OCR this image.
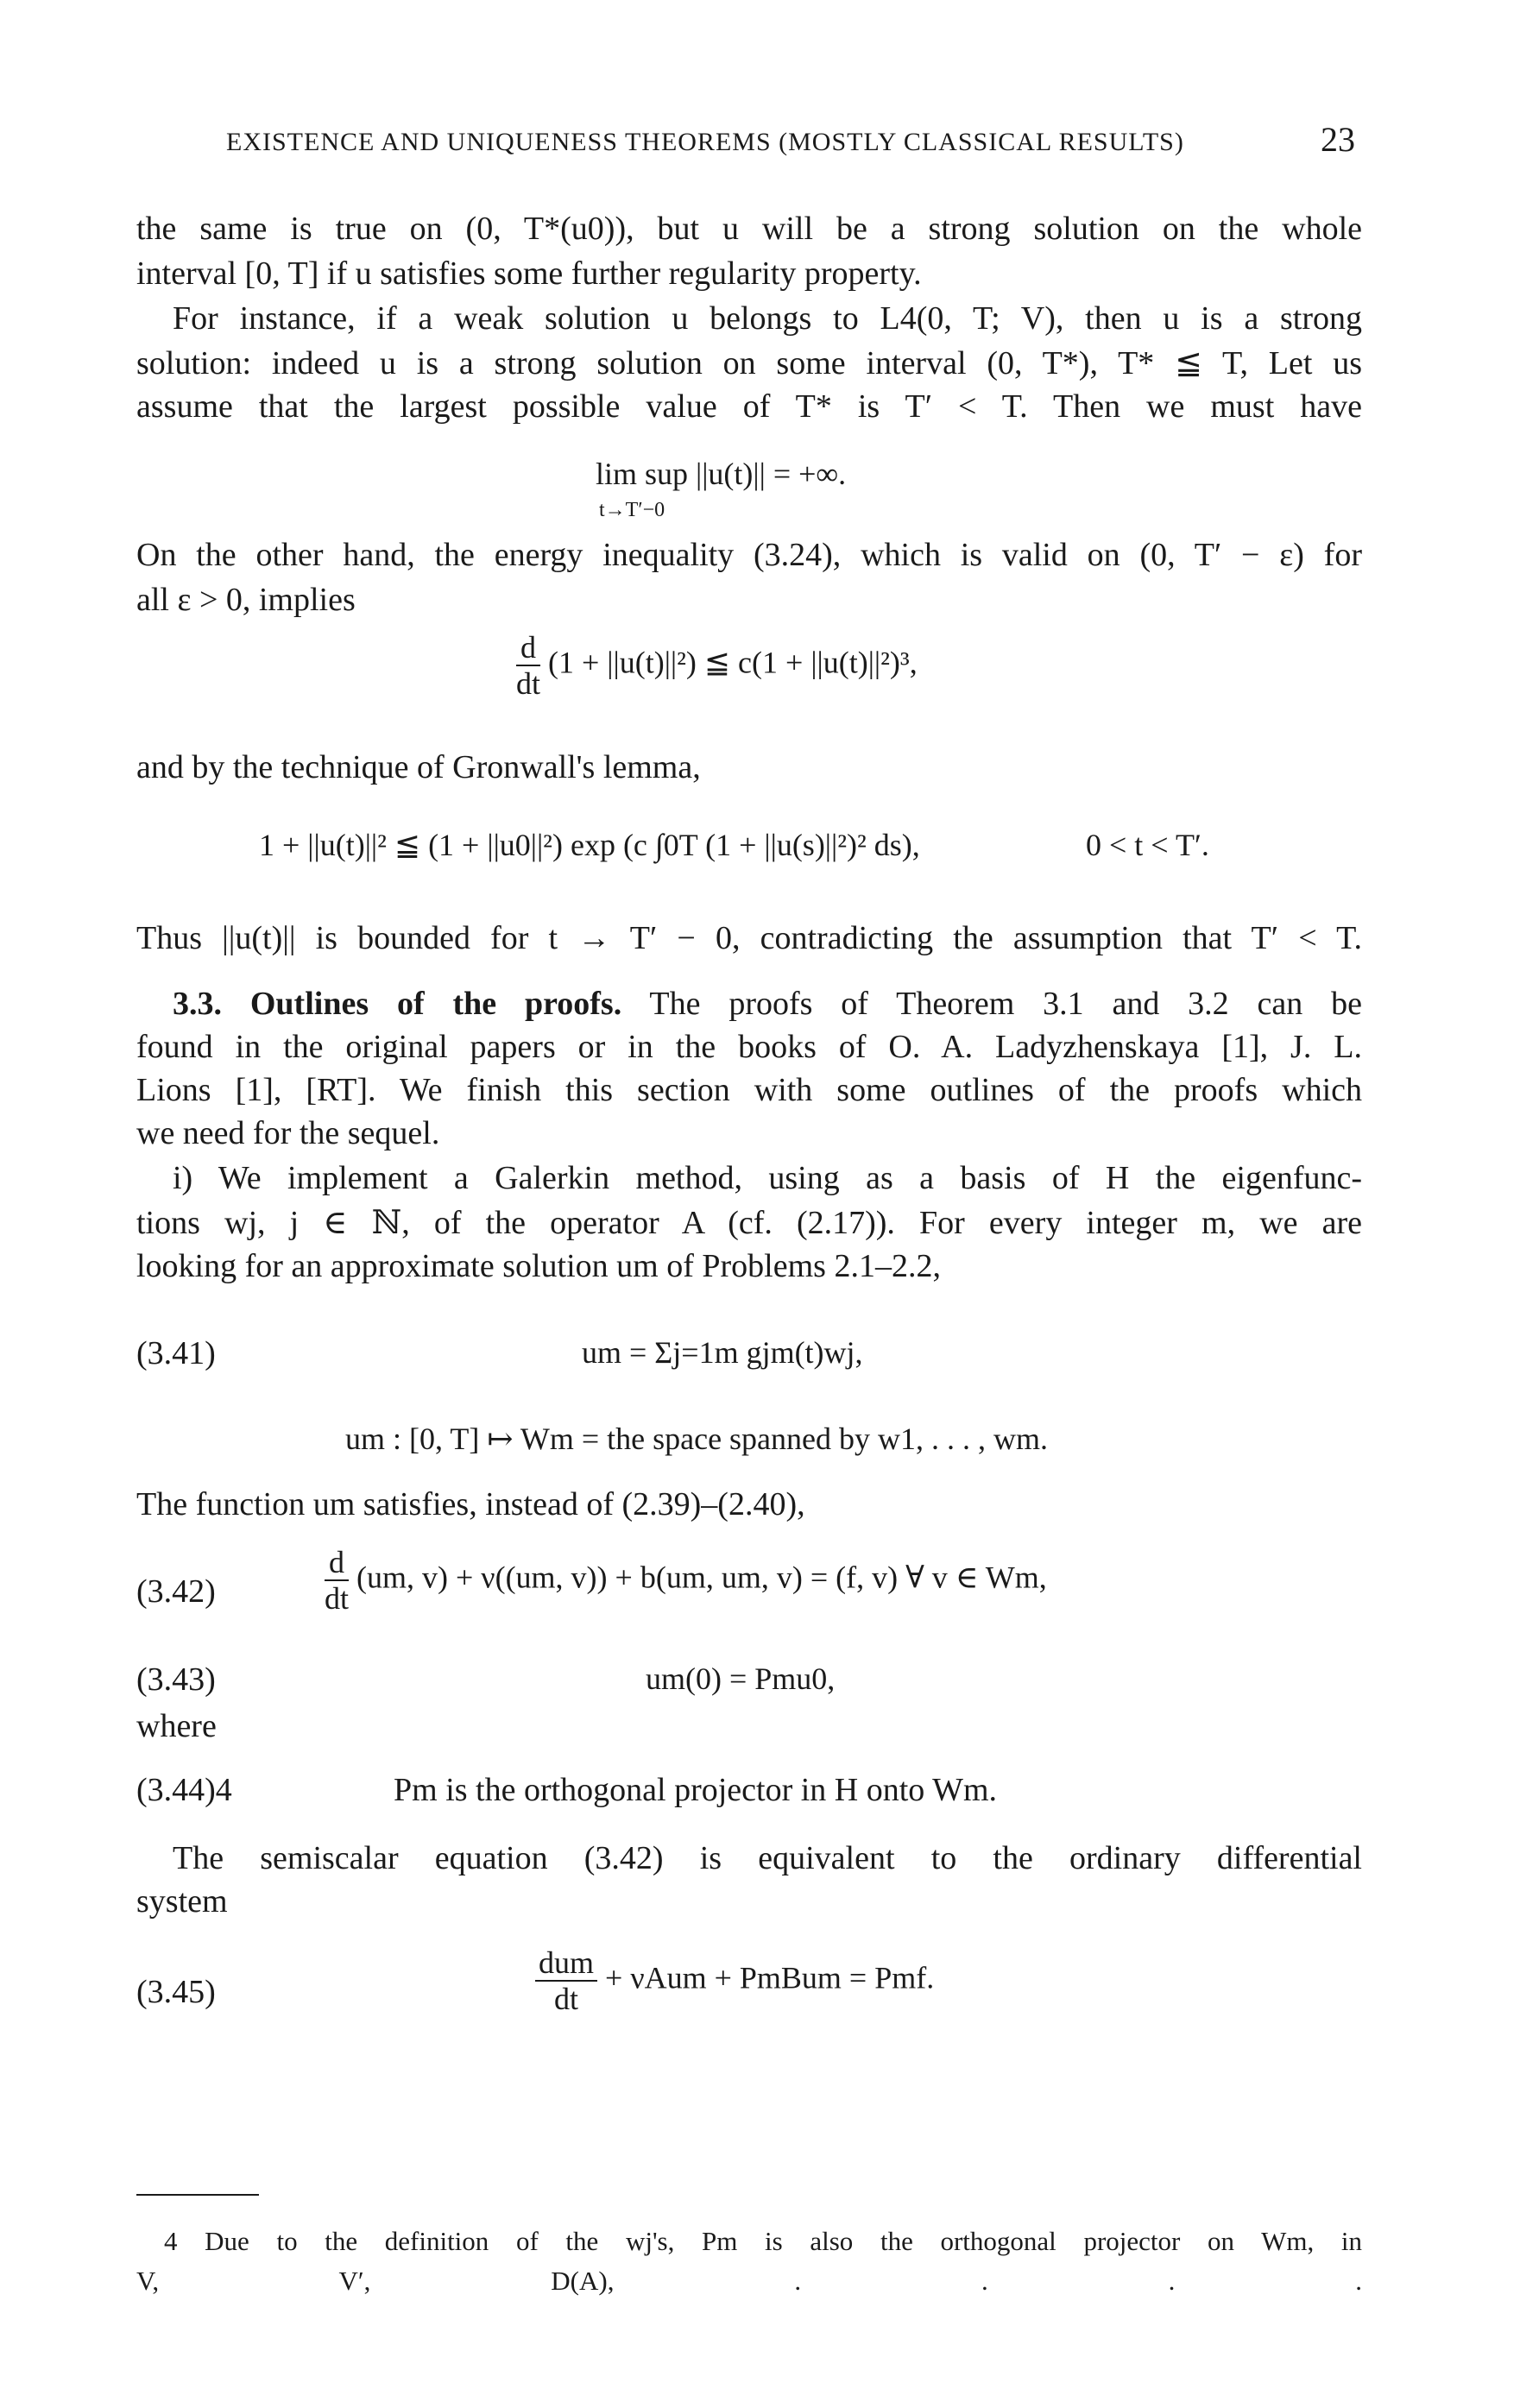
EXISTENCE AND UNIQUENESS THEOREMS (MOSTLY CLASSICAL RESULTS)	23
the same is true on (0, T*(u0)), but u will be a strong solution on the whole
interval [0, T] if u satisfies some further regularity property.
For instance, if a weak solution u belongs to L4(0, T; V), then u is a strong
solution: indeed u is a strong solution on some interval (0, T*), T* ≦ T, Let us
assume that the largest possible value of T* is T′ < T. Then we must have
lim sup ||u(t)|| = +∞.
t→T′−0
On the other hand, the energy inequality (3.24), which is valid on (0, T′ − ε) for
all ε > 0, implies
$\frac{d}{dt} (1 + ||u(t)||^2)$ ≦ c(1 + ||u(t)||²)³,
and by the technique of Gronwall's lemma,
1 + ||u(t)||² ≦ (1 + ||u0||²) exp (c ∫0T (1 + ||u(s)||²)² ds),	0 < t < T′.
Thus ||u(t)|| is bounded for t → T′ − 0, contradicting the assumption that T′ < T.
3.3. Outlines of the proofs. The proofs of Theorem 3.1 and 3.2 can be
found in the original papers or in the books of O. A. Ladyzhenskaya [1], J. L.
Lions [1], [RT]. We finish this section with some outlines of the proofs which
we need for the sequel.
i) We implement a Galerkin method, using as a basis of H the eigenfunc-
tions wj, j ∈ ℕ, of the operator A (cf. (2.17)). For every integer m, we are
looking for an approximate solution um of Problems 2.1–2.2,
(3.41)	um = Σj=1m gjm(t)wj,
um : [0, T] ↦ Wm = the space spanned by w1, . . . , wm.
The function um satisfies, instead of (2.39)–(2.40),
(3.42)	$\frac{d}{dt} (um$, v) + ν((um, v)) + b(um, um, v) = (f, v) ∀ v ∈ Wm,
(3.43)	um(0) = Pmu0,
where
(3.44)4	Pm is the orthogonal projector in H onto Wm.
The semiscalar equation (3.42) is equivalent to the ordinary differential
system
(3.45)	$\frac{\text{dum}}{dt} + \nu Aum$ + PmBum = Pmf.
4 Due to the definition of the wj's, Pm is also the orthogonal projector on Wm, in
V, V′, D(A), . . . .
